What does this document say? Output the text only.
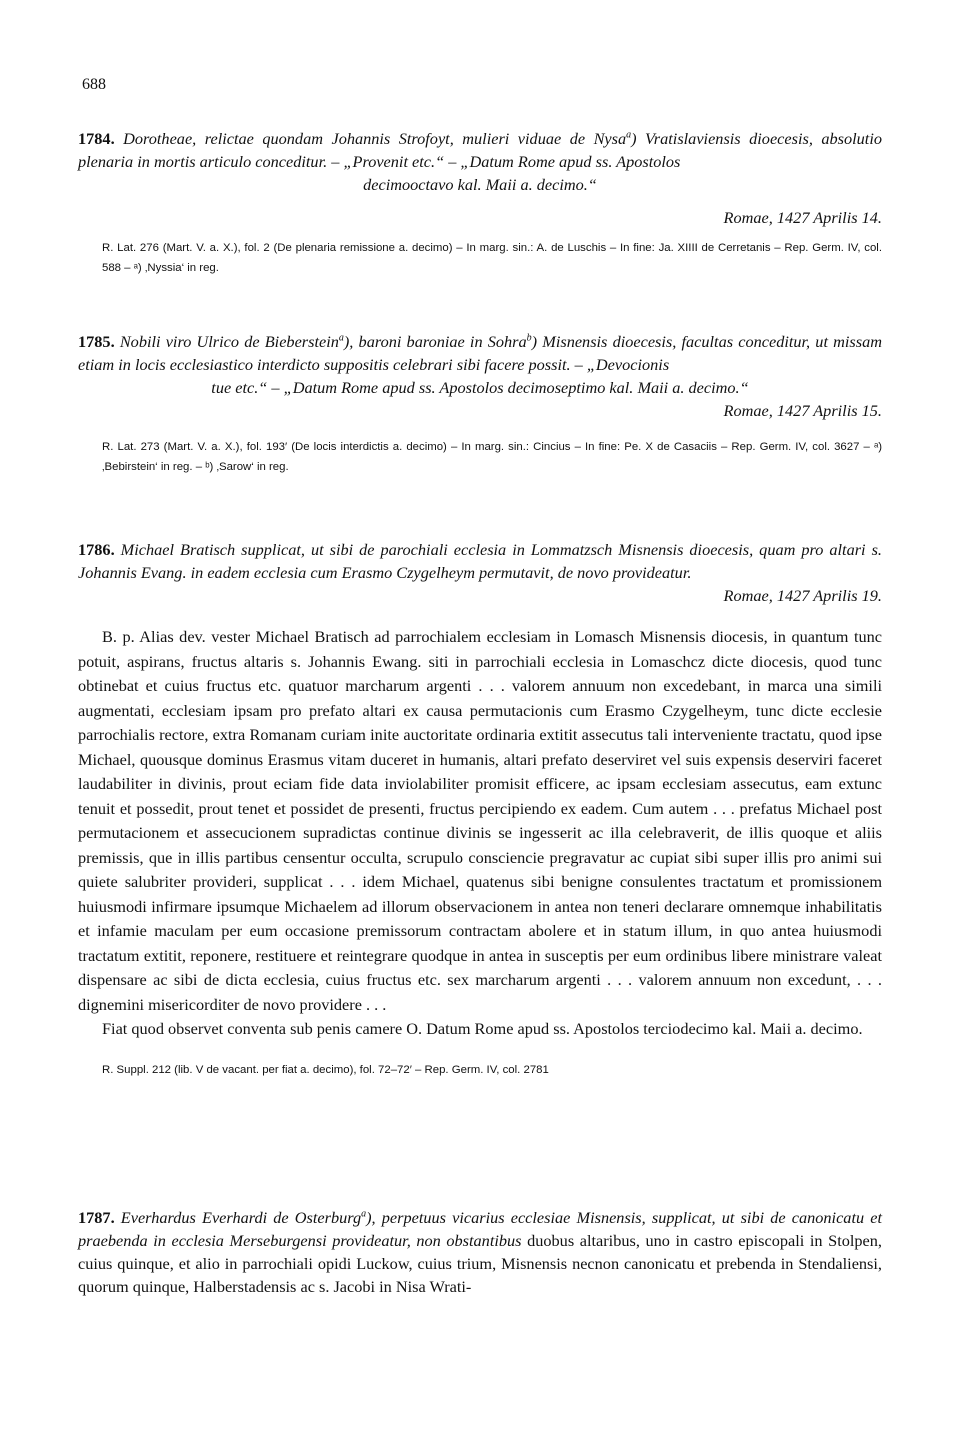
688
1784. Dorotheae, relictae quondam Johannis Strofoyt, mulieri viduae de Nysa$^a$) Vratislaviensis dioecesis, absolutio plenaria in mortis articulo conceditur. – „Provenit etc.“ – „Datum Rome apud ss. Apostolos
decimooctavo kal. Maii a. decimo.“
Romae, 1427 Aprilis 14.
R. Lat. 276 (Mart. V. a. X.), fol. 2 (De plenaria remissione a. decimo) – In marg. sin.: A. de Luschis – In fine: Ja. XIIII de Cerretanis – Rep. Germ. IV, col. 588 – ᵃ) ‚Nyssia‘ in reg.
1785. Nobili viro Ulrico de Bieberstein$^a$), baroni baroniae in Sohra$^b$) Misnensis dioecesis, facultas conceditur, ut missam etiam in locis ecclesiastico interdicto suppositis celebrari sibi facere possit. – „Devocionis
tue etc.“ – „Datum Rome apud ss. Apostolos decimoseptimo kal. Maii a. decimo.“
Romae, 1427 Aprilis 15.
R. Lat. 273 (Mart. V. a. X.), fol. 193′ (De locis interdictis a. decimo) – In marg. sin.: Cincius – In fine: Pe. X de Casaciis – Rep. Germ. IV, col. 3627 – ᵃ) ‚Bebirstein‘ in reg. – ᵇ) ‚Sarow‘ in reg.
1786. Michael Bratisch supplicat, ut sibi de parochiali ecclesia in Lommatzsch Misnensis dioecesis, quam pro altari s. Johannis Evang. in eadem ecclesia cum Erasmo Czygelheym permutavit, de novo provideatur.
Romae, 1427 Aprilis 19.

B. p. Alias dev. vester Michael Bratisch ad parrochialem ecclesiam in Lomasch Misnensis diocesis, in quantum tunc potuit, aspirans, fructus altaris s. Johannis Ewang. siti in parrochiali ecclesia in Lomaschcz dicte diocesis, quod tunc obtinebat et cuius fructus etc. quatuor marcharum argenti . . . valorem annuum non excedebant, in marca una simili augmentati, ecclesiam ipsam pro prefato altari ex causa permutacionis cum Erasmo Czygelheym, tunc dicte ecclesie parrochialis rectore, extra Romanam curiam inite auctoritate ordinaria extitit assecutus tali interveniente tractatu, quod ipse Michael, quousque dominus Erasmus vitam duceret in humanis, altari prefato deserviret vel suis expensis deserviri faceret laudabiliter in divinis, prout eciam fide data inviolabiliter promisit efficere, ac ipsam ecclesiam assecutus, eam extunc tenuit et possedit, prout tenet et possidet de presenti, fructus percipiendo ex eadem. Cum autem . . . prefatus Michael post permutacionem et assecucionem supradictas continue divinis se ingesserit ac illa celebraverit, de illis quoque et aliis premissis, que in illis partibus censentur occulta, scrupulo consciencie pregravatur ac cupiat sibi super illis pro animi sui quiete salubriter provideri, supplicat . . . idem Michael, quatenus sibi benigne consulentes tractatum et promissionem huiusmodi infirmare ipsumque Michaelem ad illorum observacionem in antea non teneri declarare omnemque inhabilitatis et infamie maculam per eum occasione premissorum contractam abolere et in statum illum, in quo antea huiusmodi tractatum extitit, reponere, restituere et reintegrare quodque in antea in susceptis per eum ordinibus libere ministrare valeat dispensare ac sibi de dicta ecclesia, cuius fructus etc. sex marcharum argenti . . . valorem annuum non excedunt, . . . dignemini misericorditer de novo providere . . .

Fiat quod observet conventa sub penis camere O. Datum Rome apud ss. Apostolos terciodecimo kal. Maii a. decimo.

R. Suppl. 212 (lib. V de vacant. per fiat a. decimo), fol. 72–72′ – Rep. Germ. IV, col. 2781
1787. Everhardus Everhardi de Osterburg$^a$), perpetuus vicarius ecclesiae Misnensis, supplicat, ut sibi de canonicatu et praebenda in ecclesia Merseburgensi provideatur, non obstantibus duobus altaribus, uno in castro episcopali in Stolpen, cuius quinque, et alio in parrochiali opidi Luckow, cuius trium, Misnensis necnon canonicatu et prebenda in Stendaliensi, quorum quinque, Halberstadensis ac s. Jacobi in Nisa Wrati-
